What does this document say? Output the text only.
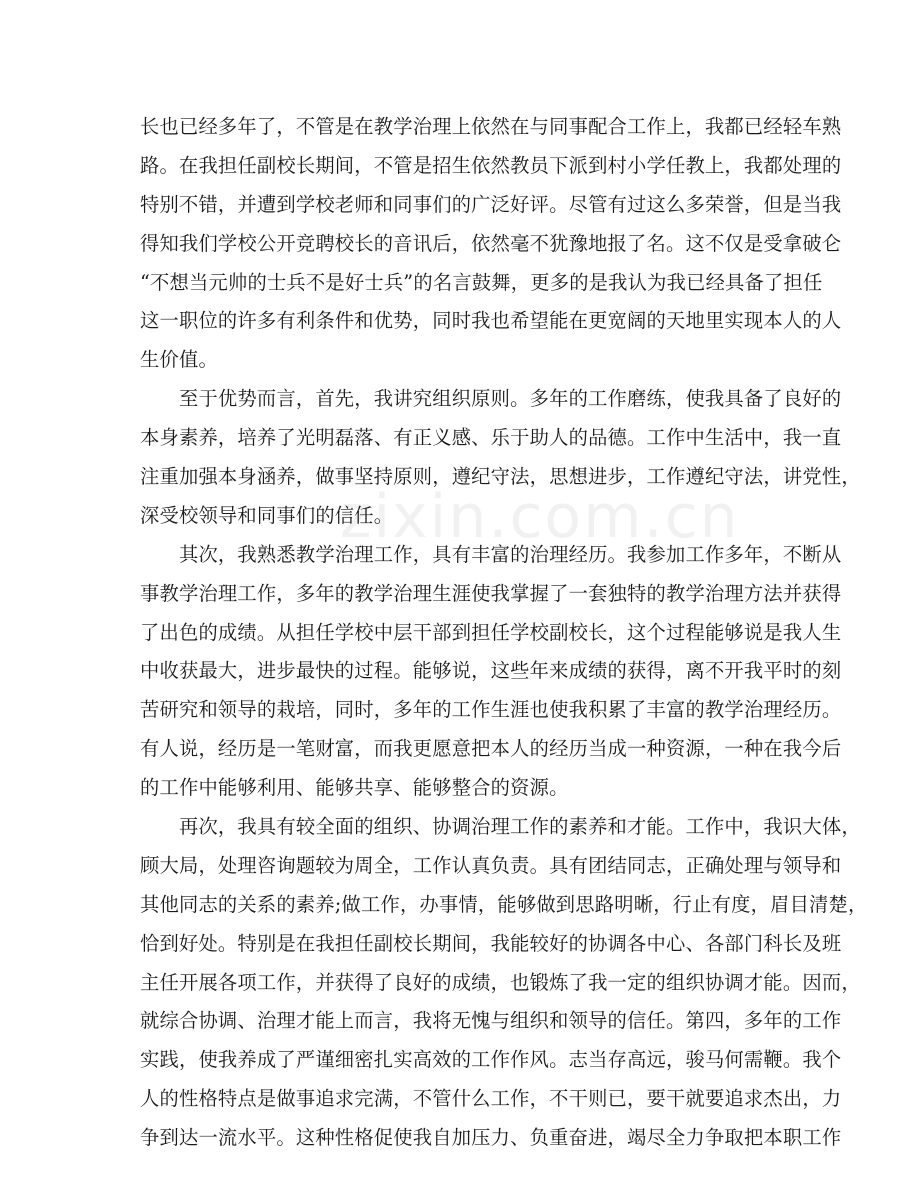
zixin.com.cn
长也已经多年了，不管是在教学治理上依然在与同事配合工作上，我都已经轻车熟
路。在我担任副校长期间，不管是招生依然教员下派到村小学任教上，我都处理的
特别不错，并遭到学校老师和同事们的广泛好评。尽管有过这么多荣誉，但是当我
得知我们学校公开竞聘校长的音讯后，依然毫不犹豫地报了名。这不仅是受拿破仑
“不想当元帅的士兵不是好士兵”的名言鼓舞，更多的是我认为我已经具备了担任
这一职位的许多有利条件和优势，同时我也希望能在更宽阔的天地里实现本人的人
生价值。
　　至于优势而言，首先，我讲究组织原则。多年的工作磨练，使我具备了良好的
本身素养，培养了光明磊落、有正义感、乐于助人的品德。工作中生活中，我一直
注重加强本身涵养，做事坚持原则，遵纪守法，思想进步，工作遵纪守法，讲党性，
深受校领导和同事们的信任。
　　其次，我熟悉教学治理工作，具有丰富的治理经历。我参加工作多年，不断从
事教学治理工作，多年的教学治理生涯使我掌握了一套独特的教学治理方法并获得
了出色的成绩。从担任学校中层干部到担任学校副校长，这个过程能够说是我人生
中收获最大，进步最快的过程。能够说，这些年来成绩的获得，离不开我平时的刻
苦研究和领导的栽培，同时，多年的工作生涯也使我积累了丰富的教学治理经历。
有人说，经历是一笔财富，而我更愿意把本人的经历当成一种资源，一种在我今后
的工作中能够利用、能够共享、能够整合的资源。
　　再次，我具有较全面的组织、协调治理工作的素养和才能。工作中，我识大体，
顾大局，处理咨询题较为周全，工作认真负责。具有团结同志，正确处理与领导和
其他同志的关系的素养;做工作，办事情，能够做到思路明晰，行止有度，眉目清楚，
恰到好处。特别是在我担任副校长期间，我能较好的协调各中心、各部门科长及班
主任开展各项工作，并获得了良好的成绩，也锻炼了我一定的组织协调才能。因而，
就综合协调、治理才能上而言，我将无愧与组织和领导的信任。第四，多年的工作
实践，使我养成了严谨细密扎实高效的工作作风。志当存高远，骏马何需鞭。我个
人的性格特点是做事追求完满，不管什么工作，不干则已，要干就要追求杰出，力
争到达一流水平。这种性格促使我自加压力、负重奋进，竭尽全力争取把本职工作
